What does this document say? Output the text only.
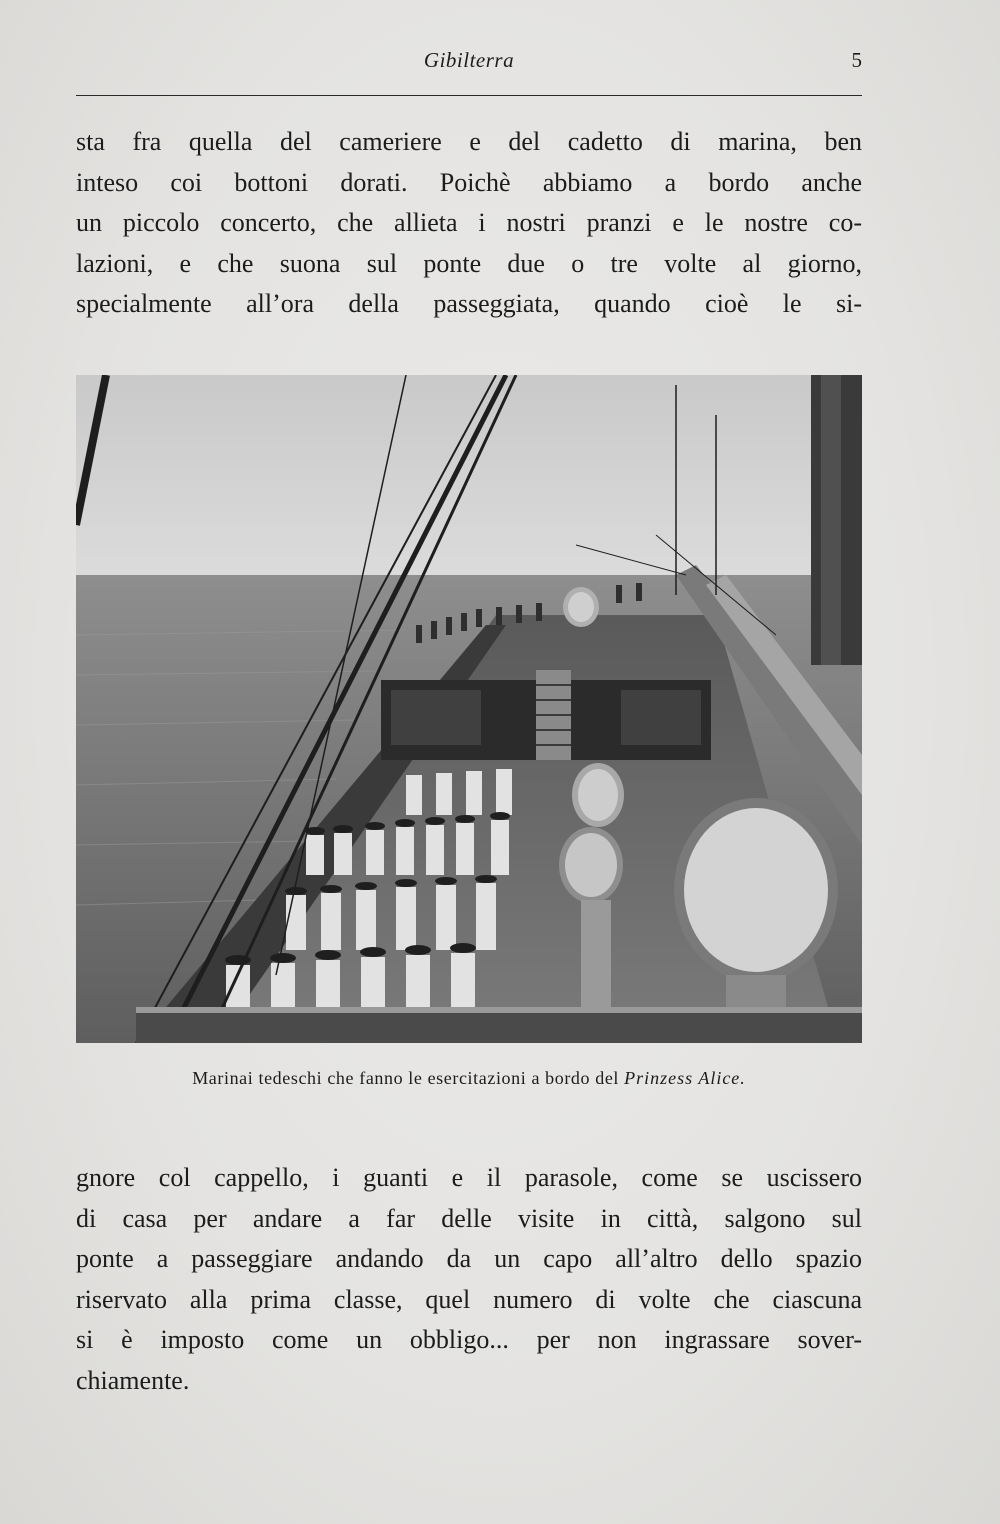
Gibilterra	5
sta fra quella del cameriere e del cadetto di marina, ben
inteso coi bottoni dorati. Poichè abbiamo a bordo anche
un piccolo concerto, che allieta i nostri pranzi e le nostre co-
lazioni, e che suona sul ponte due o tre volte al giorno,
specialmente all’ora della passeggiata, quando cioè le si-
Marinai tedeschi che fanno le esercitazioni a bordo del Prinzess Alice.
gnore col cappello, i guanti e il parasole, come se uscissero
di casa per andare a far delle visite in città, salgono sul
ponte a passeggiare andando da un capo all’altro dello spazio
riservato alla prima classe, quel numero di volte che ciascuna
si è imposto come un obbligo... per non ingrassare sover-
chiamente.
